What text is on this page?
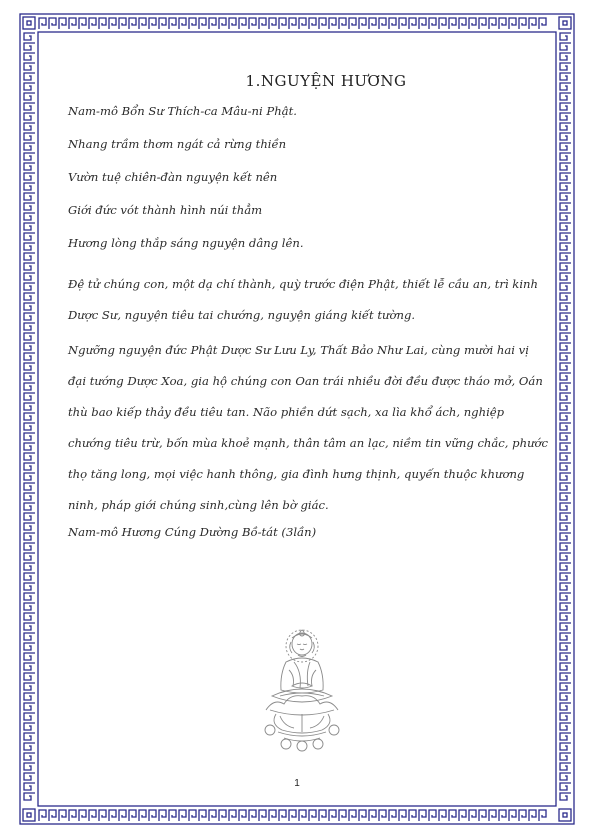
1.NGUYỆN HƯƠNG

Nam-mô Bổn Sư Thích-ca Mâu-ni Phật.

Nhang trầm thơm ngát cả rừng thiền

Vườn tuệ chiên-đàn nguyện kết nên

Giới đức vót thành hình núi thẳm

Hương lòng thắp sáng nguyện dâng lên.

Đệ tử chúng con, một dạ chí thành, quỳ trước điện Phật, thiết lễ cầu an, trì kinh Dược Sư, nguyện tiêu tai chướng, nguyện giáng kiết tường.

Ngưỡng nguyện đức Phật Dược Sư Lưu Ly, Thất Bảo Như Lai, cùng mười hai vị đại tướng Dược Xoa, gia hộ chúng con Oan trái nhiều đời đều được tháo mở, Oán thù bao kiếp thảy đều tiêu tan. Não phiền dứt sạch, xa lìa khổ ách, nghiệp chướng tiêu trừ, bốn mùa khoẻ mạnh, thân tâm an lạc, niềm tin vững chắc, phước thọ tăng long, mọi việc hanh thông, gia đình hưng thịnh, quyến thuộc khương ninh, pháp giới chúng sinh,cùng lên bờ giác.

Nam-mô Hương Cúng Dường Bồ-tát (3lần)

1
